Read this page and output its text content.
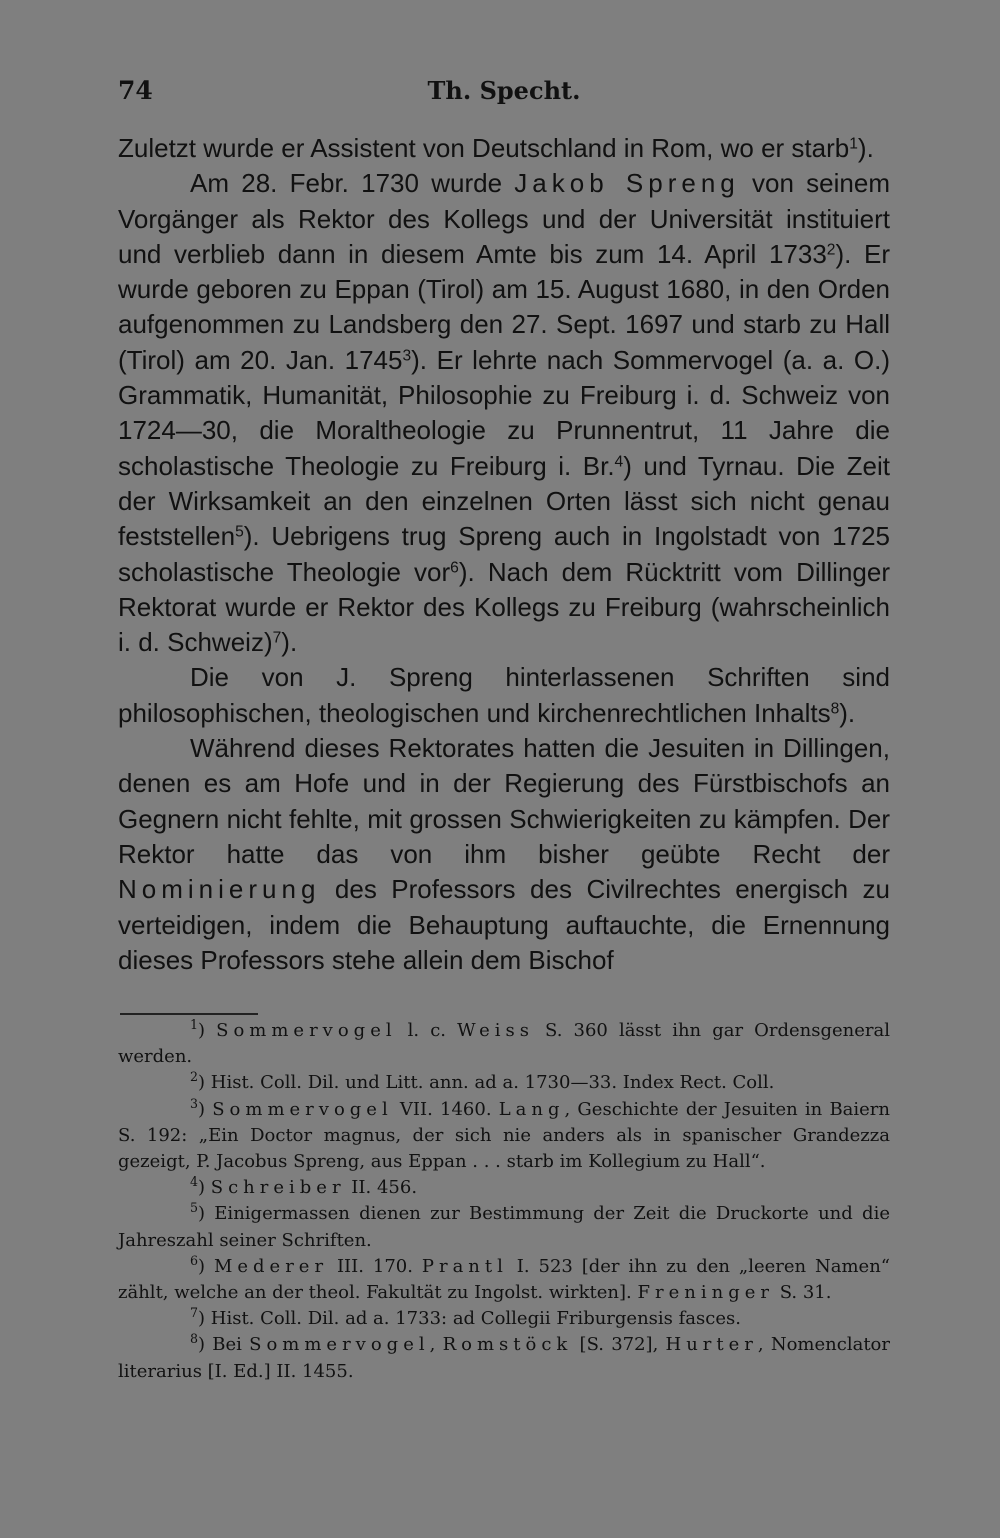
74	Th. Specht.

Zuletzt wurde er Assistent von Deutschland in Rom, wo er starb$^1$).

Am 28. Febr. 1730 wurde Jakob Spreng von seinem Vorgänger als Rektor des Kollegs und der Universität instituiert und verblieb dann in diesem Amte bis zum 14. April 1733$^2$). Er wurde geboren zu Eppan (Tirol) am 15. August 1680, in den Orden aufgenommen zu Landsberg den 27. Sept. 1697 und starb zu Hall (Tirol) am 20. Jan. 1745$^3$). Er lehrte nach Sommervogel (a. a. O.) Grammatik, Humanität, Philosophie zu Freiburg i. d. Schweiz von 1724—30, die Moraltheologie zu Prunnentrut, 11 Jahre die scholastische Theologie zu Freiburg i. Br.$^4$) und Tyrnau. Die Zeit der Wirksamkeit an den einzelnen Orten lässt sich nicht genau feststellen$^5$). Uebrigens trug Spreng auch in Ingolstadt von 1725 scholastische Theologie vor$^6$). Nach dem Rücktritt vom Dillinger Rektorat wurde er Rektor des Kollegs zu Freiburg (wahrscheinlich i. d. Schweiz)$^7$).

Die von J. Spreng hinterlassenen Schriften sind philosophischen, theologischen und kirchenrechtlichen Inhalts$^8$).

Während dieses Rektorates hatten die Jesuiten in Dillingen, denen es am Hofe und in der Regierung des Fürstbischofs an Gegnern nicht fehlte, mit grossen Schwierigkeiten zu kämpfen. Der Rektor hatte das von ihm bisher geübte Recht der Nominierung des Professors des Civilrechtes energisch zu verteidigen, indem die Behauptung auftauchte, die Ernennung dieses Professors stehe allein dem Bischof

$^1$) Sommervogel l. c. Weiss S. 360 lässt ihn gar Ordensgeneral werden.

$^2$) Hist. Coll. Dil. und Litt. ann. ad a. 1730—33. Index Rect. Coll.

$^3$) Sommervogel VII. 1460. Lang, Geschichte der Jesuiten in Baiern S. 192: „Ein Doctor magnus, der sich nie anders als in spanischer Grandezza gezeigt, P. Jacobus Spreng, aus Eppan . . . starb im Kollegium zu Hall“.

$^4$) Schreiber II. 456.

$^5$) Einigermassen dienen zur Bestimmung der Zeit die Druckorte und die Jahreszahl seiner Schriften.

$^6$) Mederer III. 170. Prantl I. 523 [der ihn zu den „leeren Namen“ zählt, welche an der theol. Fakultät zu Ingolst. wirkten]. Freninger S. 31.

$^7$) Hist. Coll. Dil. ad a. 1733: ad Collegii Friburgensis fasces.

$^8$) Bei Sommervogel, Romstöck [S. 372], Hurter, Nomenclator literarius [I. Ed.] II. 1455.
